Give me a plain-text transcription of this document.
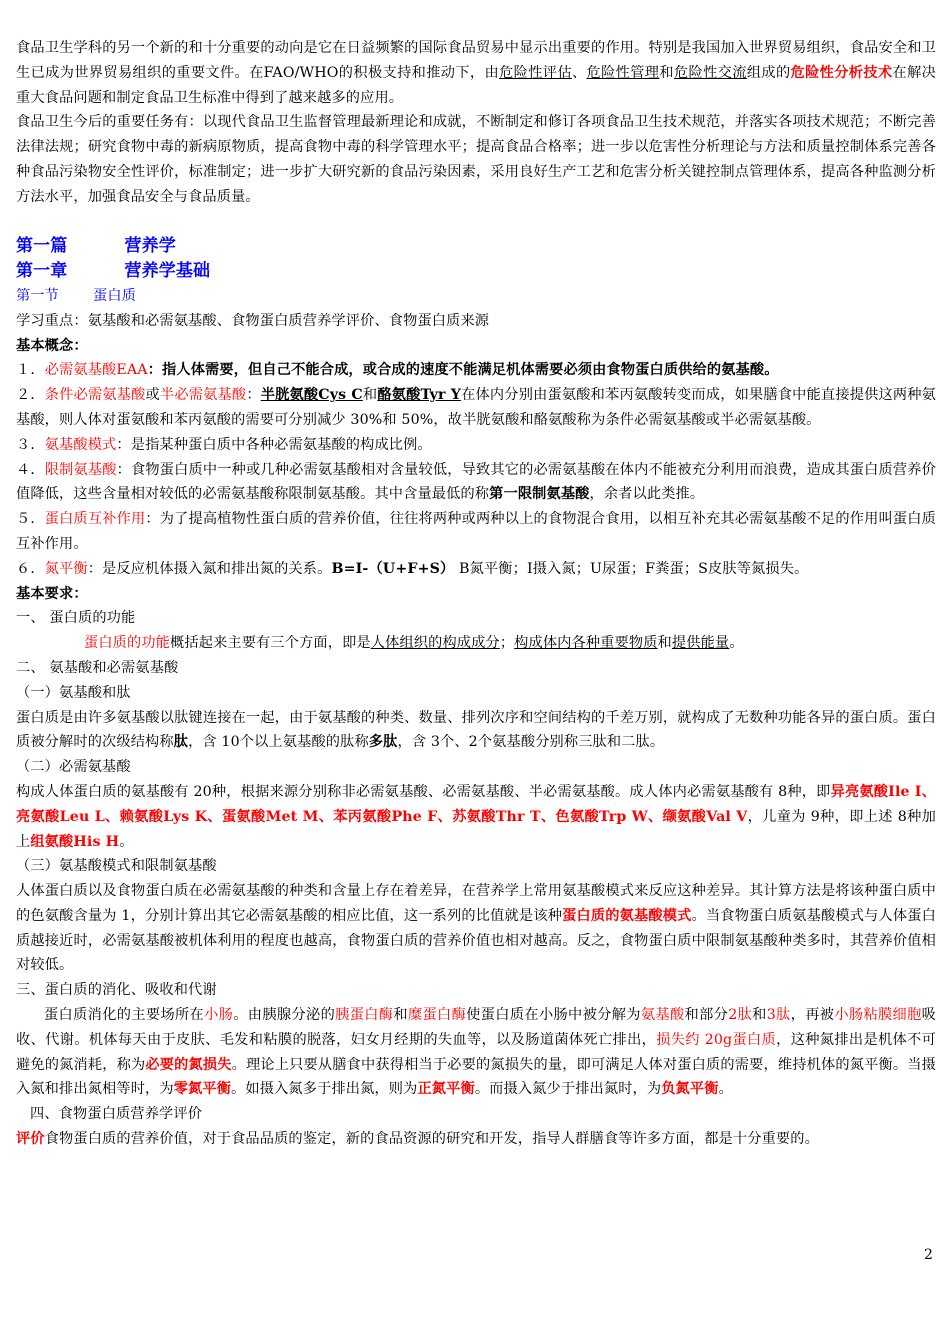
食品卫生学科的另一个新的和十分重要的动向是它在日益频繁的国际食品贸易中显示出重要的作用。特别是我国加入世界贸易组织，食品安全和卫生已成为世界贸易组织的重要文件。在FAO/WHO的积极支持和推动下，由危险性评估、危险性管理和危险性交流组成的危险性分析技术在解决重大食品问题和制定食品卫生标准中得到了越来越多的应用。

食品卫生今后的重要任务有：以现代食品卫生监督管理最新理论和成就，不断制定和修订各项食品卫生技术规范，并落实各项技术规范；不断完善法律法规；研究食物中毒的新病原物质，提高食物中毒的科学管理水平；提高食品合格率；进一步以危害性分析理论与方法和质量控制体系完善各种食品污染物安全性评价，标准制定；进一步扩大研究新的食品污染因素，采用良好生产工艺和危害分析关键控制点管理体系，提高各种监测分析方法水平，加强食品安全与食品质量。

第一篇	营养学

第一章	营养学基础

第一节 蛋白质

学习重点：氨基酸和必需氨基酸、食物蛋白质营养学评价、食物蛋白质来源

基本概念：

１．必需氨基酸EAA：指人体需要，但自己不能合成，或合成的速度不能满足机体需要必须由食物蛋白质供给的氨基酸。

２．条件必需氨基酸或半必需氨基酸：半胱氨酸Cys C和酪氨酸Tyr Y在体内分别由蛋氨酸和苯丙氨酸转变而成，如果膳食中能直接提供这两种氨基酸，则人体对蛋氨酸和苯丙氨酸的需要可分别减少 30%和 50%，故半胱氨酸和酪氨酸称为条件必需氨基酸或半必需氨基酸。

３．氨基酸模式：是指某种蛋白质中各种必需氨基酸的构成比例。

４．限制氨基酸：食物蛋白质中一种或几种必需氨基酸相对含量较低，导致其它的必需氨基酸在体内不能被充分利用而浪费，造成其蛋白质营养价值降低，这些含量相对较低的必需氨基酸称限制氨基酸。其中含量最低的称第一限制氨基酸，余者以此类推。

５．蛋白质互补作用：为了提高植物性蛋白质的营养价值，往往将两种或两种以上的食物混合食用，以相互补充其必需氨基酸不足的作用叫蛋白质互补作用。

６．氮平衡：是反应机体摄入氮和排出氮的关系。B=I-（U+F+S） B氮平衡；I摄入氮；U尿蛋；F粪蛋；S皮肤等氮损失。

基本要求：

一、 蛋白质的功能

蛋白质的功能概括起来主要有三个方面，即是人体组织的构成成分；构成体内各种重要物质和提供能量。

二、 氨基酸和必需氨基酸

（一）氨基酸和肽

蛋白质是由许多氨基酸以肽键连接在一起，由于氨基酸的种类、数量、排列次序和空间结构的千差万别，就构成了无数种功能各异的蛋白质。蛋白质被分解时的次级结构称肽，含 10个以上氨基酸的肽称多肽，含 3个、2个氨基酸分别称三肽和二肽。

（二）必需氨基酸

构成人体蛋白质的氨基酸有 20种，根据来源分别称非必需氨基酸、必需氨基酸、半必需氨基酸。成人体内必需氨基酸有 8种，即异亮氨酸Ile I、亮氨酸Leu L、赖氨酸Lys K、蛋氨酸Met M、苯丙氨酸Phe F、苏氨酸Thr T、色氨酸Trp W、缬氨酸Val V，儿童为 9种，即上述 8种加上组氨酸His H。

（三）氨基酸模式和限制氨基酸

人体蛋白质以及食物蛋白质在必需氨基酸的种类和含量上存在着差异，在营养学上常用氨基酸模式来反应这种差异。其计算方法是将该种蛋白质中的色氨酸含量为 1，分别计算出其它必需氨基酸的相应比值，这一系列的比值就是该种蛋白质的氨基酸模式。当食物蛋白质氨基酸模式与人体蛋白质越接近时，必需氨基酸被机体利用的程度也越高，食物蛋白质的营养价值也相对越高。反之，食物蛋白质中限制氨基酸种类多时，其营养价值相对较低。

三、蛋白质的消化、吸收和代谢

蛋白质消化的主要场所在小肠。由胰腺分泌的胰蛋白酶和糜蛋白酶使蛋白质在小肠中被分解为氨基酸和部分2肽和3肽，再被小肠粘膜细胞吸收、代谢。机体每天由于皮肤、毛发和粘膜的脱落，妇女月经期的失血等，以及肠道菌体死亡排出，损失约 20g蛋白质，这种氮排出是机体不可避免的氮消耗，称为必要的氮损失。理论上只要从膳食中获得相当于必要的氮损失的量，即可满足人体对蛋白质的需要，维持机体的氮平衡。当摄入氮和排出氮相等时，为零氮平衡。如摄入氮多于排出氮，则为正氮平衡。而摄入氮少于排出氮时，为负氮平衡。

四、食物蛋白质营养学评价

评价食物蛋白质的营养价值，对于食品品质的鉴定，新的食品资源的研究和开发，指导人群膳食等许多方面，都是十分重要的。

2
